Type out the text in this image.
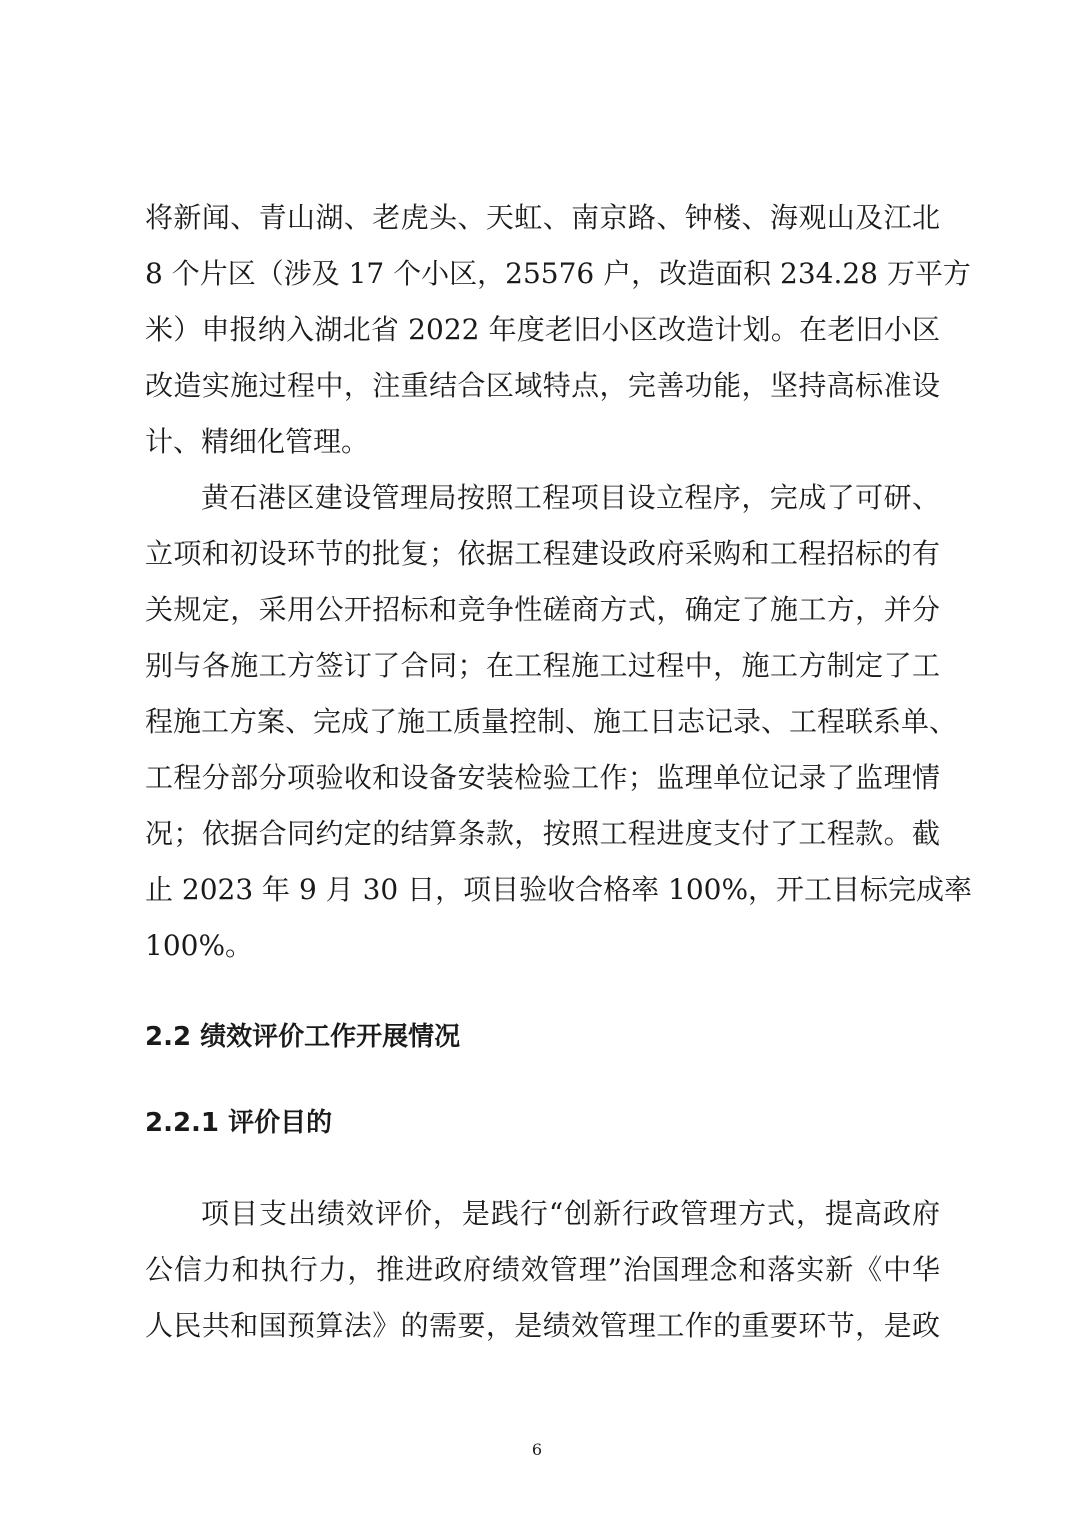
将新闻、青山湖、老虎头、天虹、南京路、钟楼、海观山及江北
8 个片区（涉及 17 个小区，25576 户，改造面积 234.28 万平方
米）申报纳入湖北省 2022 年度老旧小区改造计划。在老旧小区
改造实施过程中，注重结合区域特点，完善功能，坚持高标准设
计、精细化管理。
黄石港区建设管理局按照工程项目设立程序，完成了可研、
立项和初设环节的批复；依据工程建设政府采购和工程招标的有
关规定，采用公开招标和竞争性磋商方式，确定了施工方，并分
别与各施工方签订了合同；在工程施工过程中，施工方制定了工
程施工方案、完成了施工质量控制、施工日志记录、工程联系单、
工程分部分项验收和设备安装检验工作；监理单位记录了监理情
况；依据合同约定的结算条款，按照工程进度支付了工程款。截
止 2023 年 9 月 30 日，项目验收合格率 100%，开工目标完成率
100%。
2.2 绩效评价工作开展情况
2.2.1 评价目的
项目支出绩效评价，是践行“创新行政管理方式，提高政府
公信力和执行力，推进政府绩效管理”治国理念和落实新《中华
人民共和国预算法》的需要，是绩效管理工作的重要环节，是政
6
